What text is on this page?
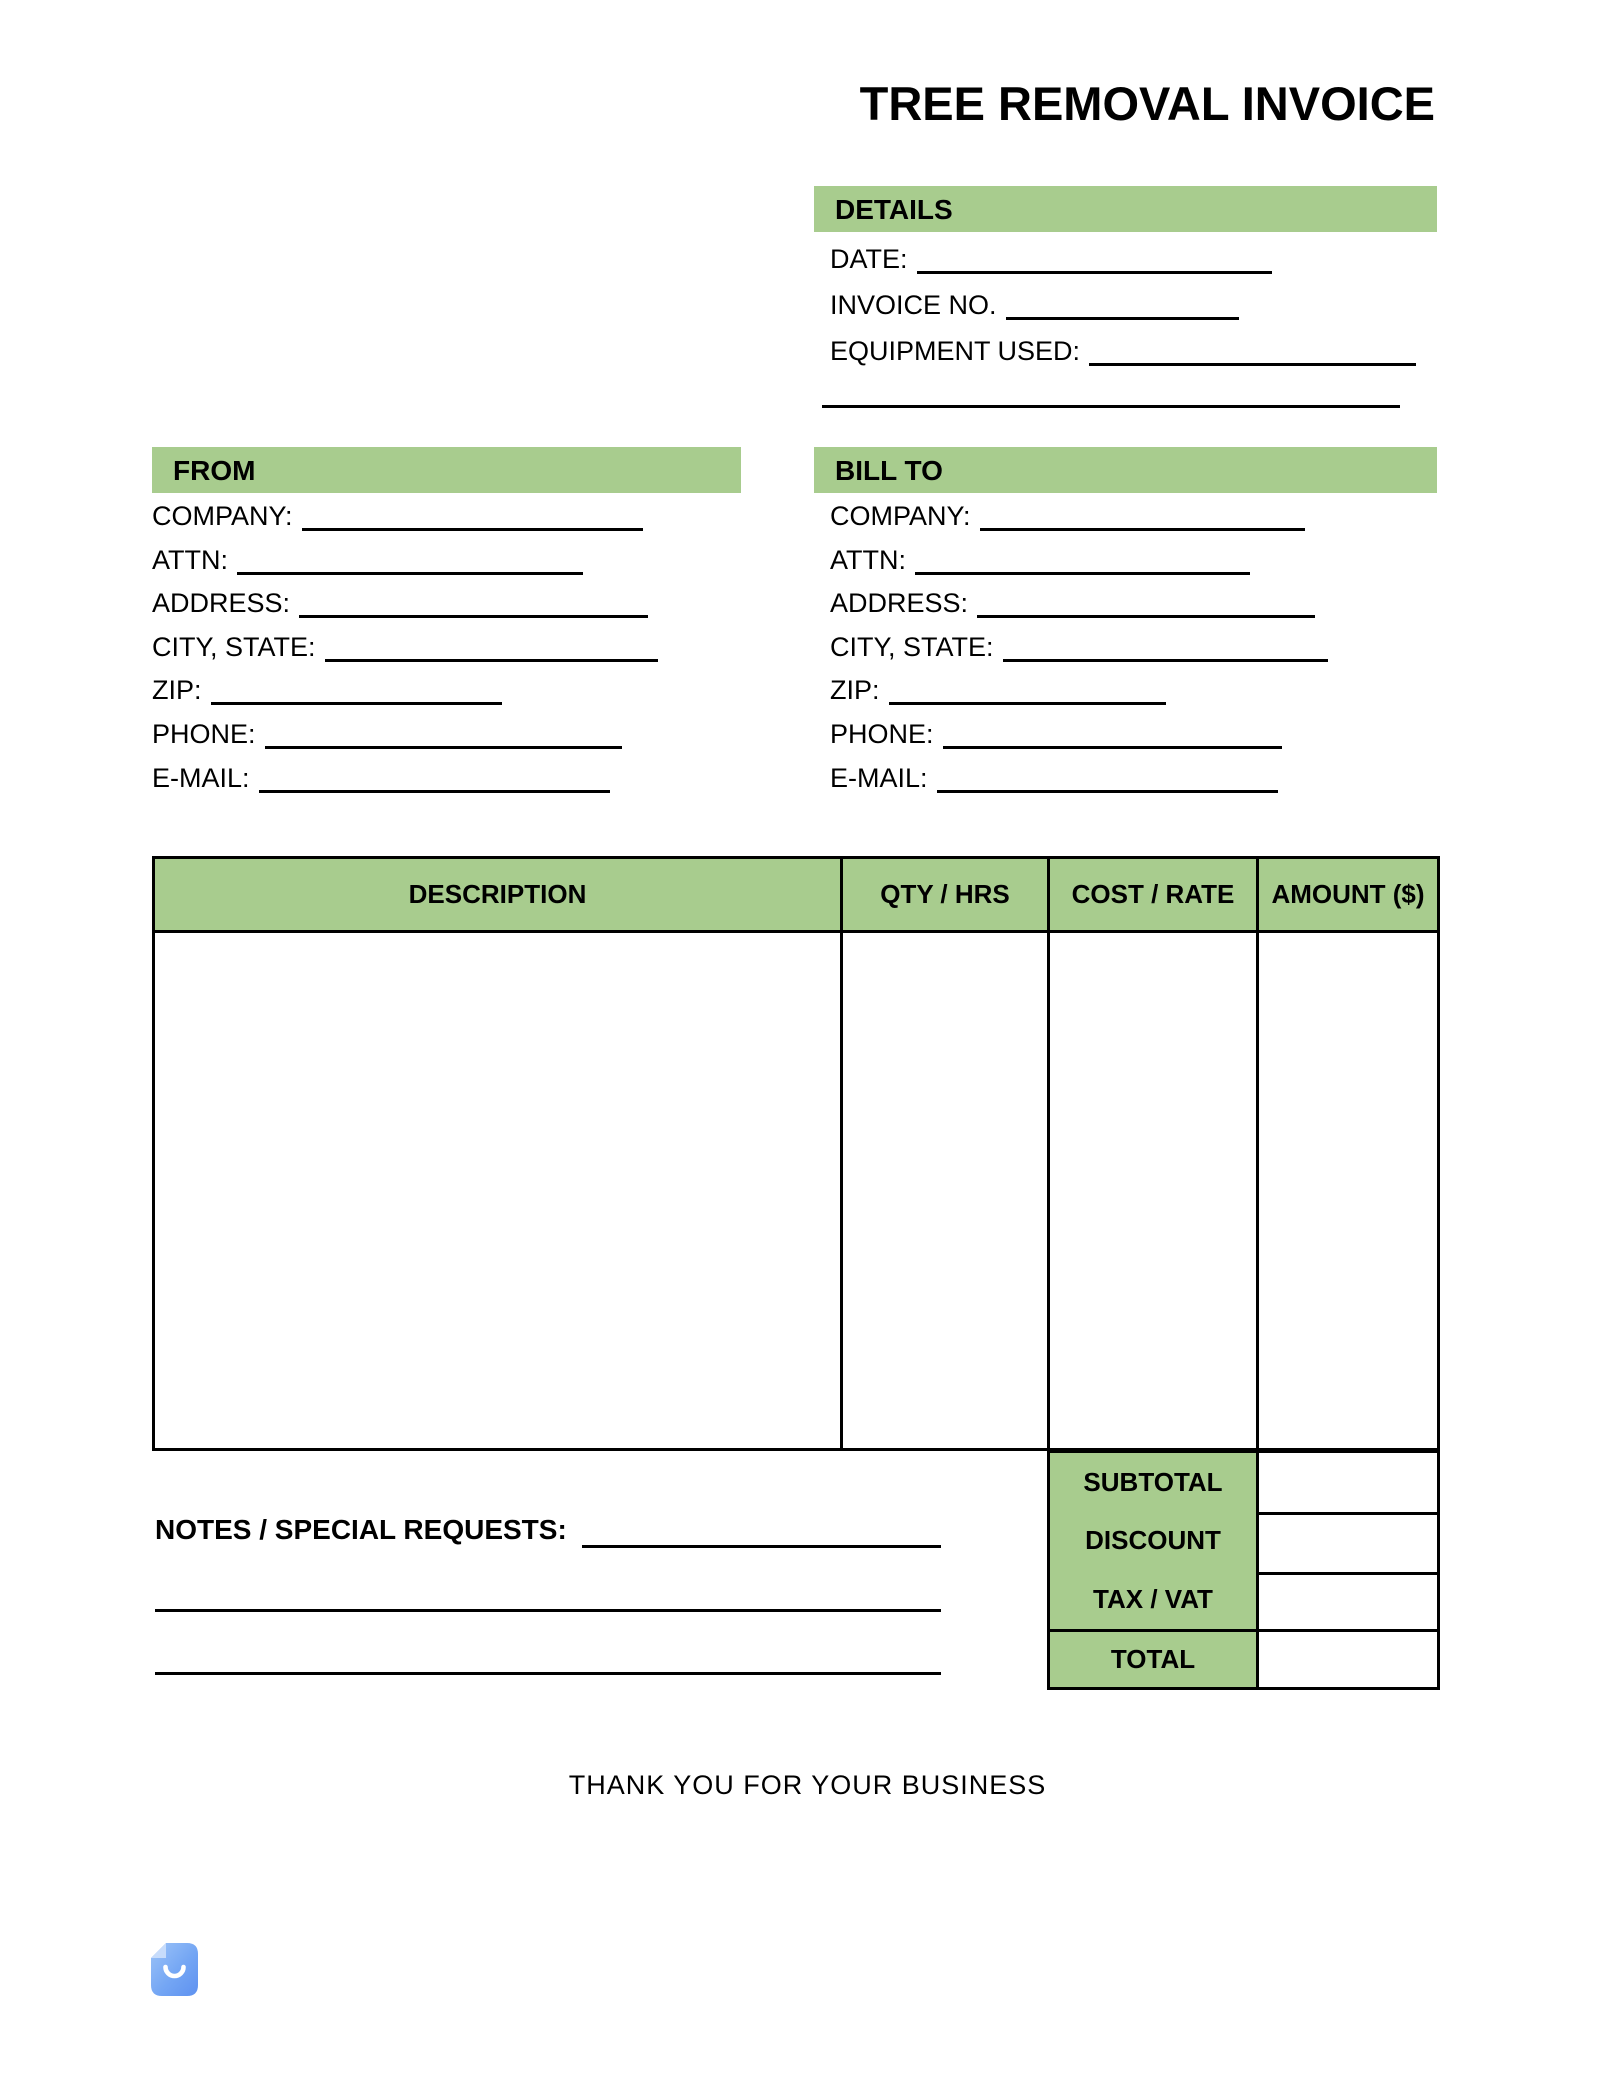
TREE REMOVAL INVOICE
DETAILS
DATE:
INVOICE NO.
EQUIPMENT USED:
FROM
COMPANY:
ATTN:
ADDRESS:
CITY, STATE:
ZIP:
PHONE:
E-MAIL:
BILL TO
COMPANY:
ATTN:
ADDRESS:
CITY, STATE:
ZIP:
PHONE:
E-MAIL:
DESCRIPTION	QTY / HRS	COST / RATE	AMOUNT ($)

SUBTOTAL
DISCOUNT
TAX / VAT
TOTAL
NOTES / SPECIAL REQUESTS:
THANK YOU FOR YOUR BUSINESS
